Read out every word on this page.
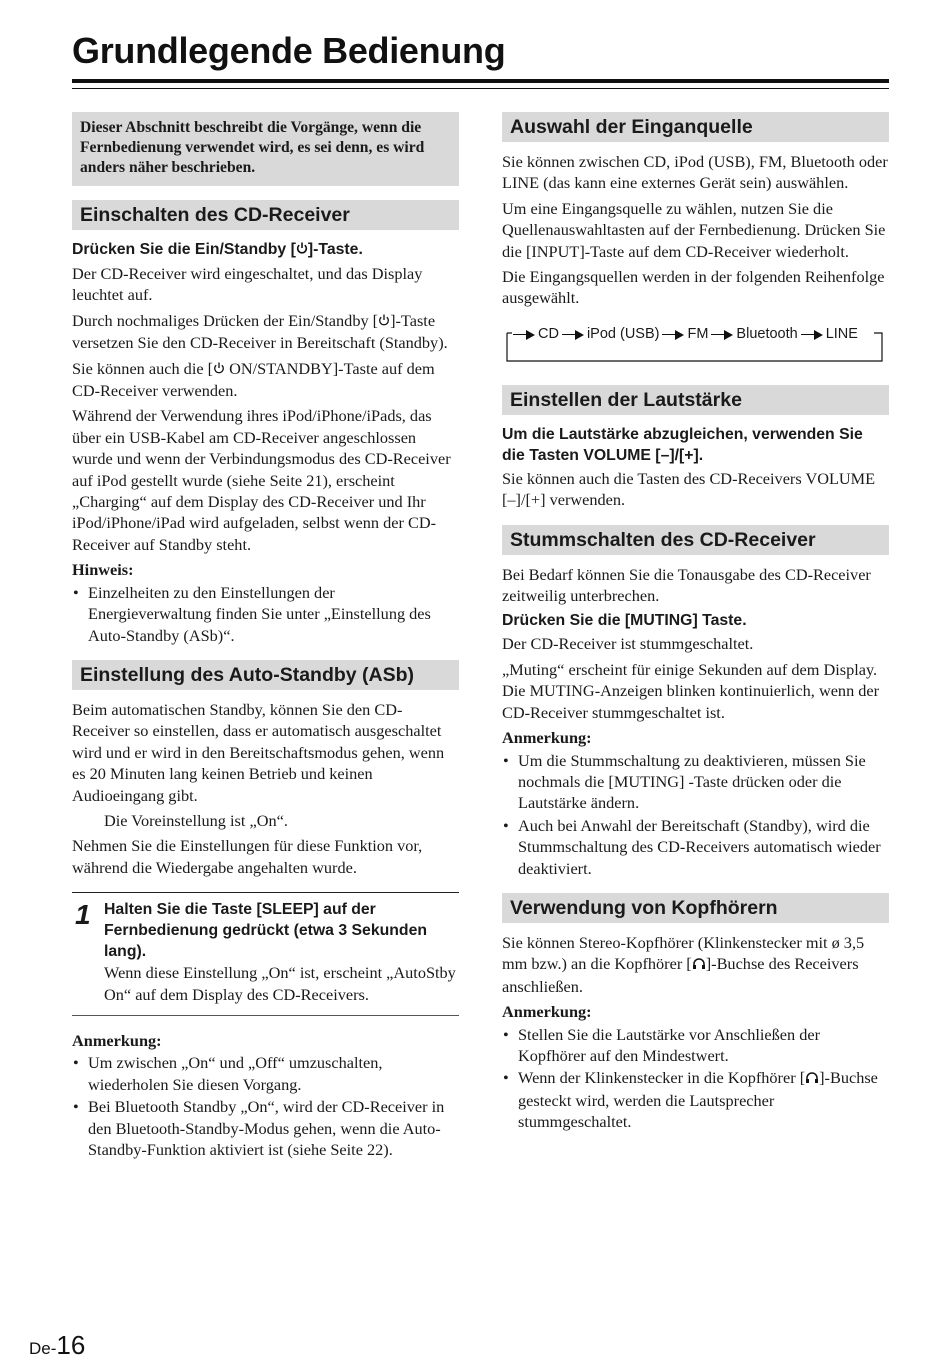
Grundlegende Bedienung
Dieser Abschnitt beschreibt die Vorgänge, wenn die Fernbedienung verwendet wird, es sei denn, es wird anders näher beschrieben.
Einschalten des CD-Receiver

Drücken Sie die Ein/Standby [ ]-Taste.

Der CD-Receiver wird eingeschaltet, und das Display leuchtet auf.

Durch nochmaliges Drücken der Ein/Standby [ ]-Taste versetzen Sie den CD-Receiver in Bereitschaft (Standby).

Sie können auch die [ ON/STANDBY]-Taste auf dem CD-Receiver verwenden.

Während der Verwendung ihres iPod/iPhone/iPads, das über ein USB-Kabel am CD-Receiver angeschlossen wurde und wenn der Verbindungsmodus des CD-Receiver auf iPod gestellt wurde (siehe Seite 21), erscheint „Charging“ auf dem Display des CD-Receiver und Ihr iPod/iPhone/iPad wird aufgeladen, selbst wenn der CD-Receiver auf Standby steht.

Hinweis:

• Einzelheiten zu den Einstellungen der Energieverwaltung finden Sie unter „Einstellung des Auto-Standby (ASb)“.
Einstellung des Auto-Standby (ASb)

Beim automatischen Standby, können Sie den CD-Receiver so einstellen, dass er automatisch ausgeschaltet wird und er wird in den Bereitschaftsmodus gehen, wenn es 20 Minuten lang keinen Betrieb und keinen Audioeingang gibt.

Die Voreinstellung ist „On“.

Nehmen Sie die Einstellungen für diese Funktion vor, während die Wiedergabe angehalten wurde.

1 Halten Sie die Taste [SLEEP] auf der Fernbedienung gedrückt (etwa 3 Sekunden lang).

Wenn diese Einstellung „On“ ist, erscheint „AutoStby On“ auf dem Display des CD-Receivers.

Anmerkung:

• Um zwischen „On“ und „Off“ umzuschalten, wiederholen Sie diesen Vorgang.
• Bei Bluetooth Standby „On“, wird der CD-Receiver in den Bluetooth-Standby-Modus gehen, wenn die Auto-Standby-Funktion aktiviert ist (siehe Seite 22).
Auswahl der Einganquelle

Sie können zwischen CD, iPod (USB), FM, Bluetooth oder LINE (das kann eine externes Gerät sein) auswählen.

Um eine Eingangsquelle zu wählen, nutzen Sie die Quellenauswahltasten auf der Fernbedienung. Drücken Sie die [INPUT]-Taste auf dem CD-Receiver wiederholt.

Die Eingangsquellen werden in der folgenden Reihenfolge ausgewählt.

CD iPod (USB) FM Bluetooth LINE
Einstellen der Lautstärke

Um die Lautstärke abzugleichen, verwenden Sie die Tasten VOLUME [–]/[+].

Sie können auch die Tasten des CD-Receivers VOLUME [–]/[+] verwenden.

Stummschalten des CD-Receiver

Bei Bedarf können Sie die Tonausgabe des CD-Receiver zeitweilig unterbrechen.

Drücken Sie die [MUTING] Taste.

Der CD-Receiver ist stummgeschaltet.

„Muting“ erscheint für einige Sekunden auf dem Display. Die MUTING-Anzeigen blinken kontinuierlich, wenn der CD-Receiver stummgeschaltet ist.

Anmerkung:

• Um die Stummschaltung zu deaktivieren, müssen Sie nochmals die [MUTING] -Taste drücken oder die Lautstärke ändern.
• Auch bei Anwahl der Bereitschaft (Standby), wird die Stummschaltung des CD-Receivers automatisch wieder deaktiviert.
Verwendung von Kopfhörern

Sie können Stereo-Kopfhörer (Klinkenstecker mit ø 3,5 mm bzw.) an die Kopfhörer [ ]-Buchse des Receivers anschließen.

Anmerkung:

• Stellen Sie die Lautstärke vor Anschließen der Kopfhörer auf den Mindestwert.
• Wenn der Klinkenstecker in die Kopfhörer [ ]-Buchse gesteckt wird, werden die Lautsprecher stummgeschaltet.
De-16
